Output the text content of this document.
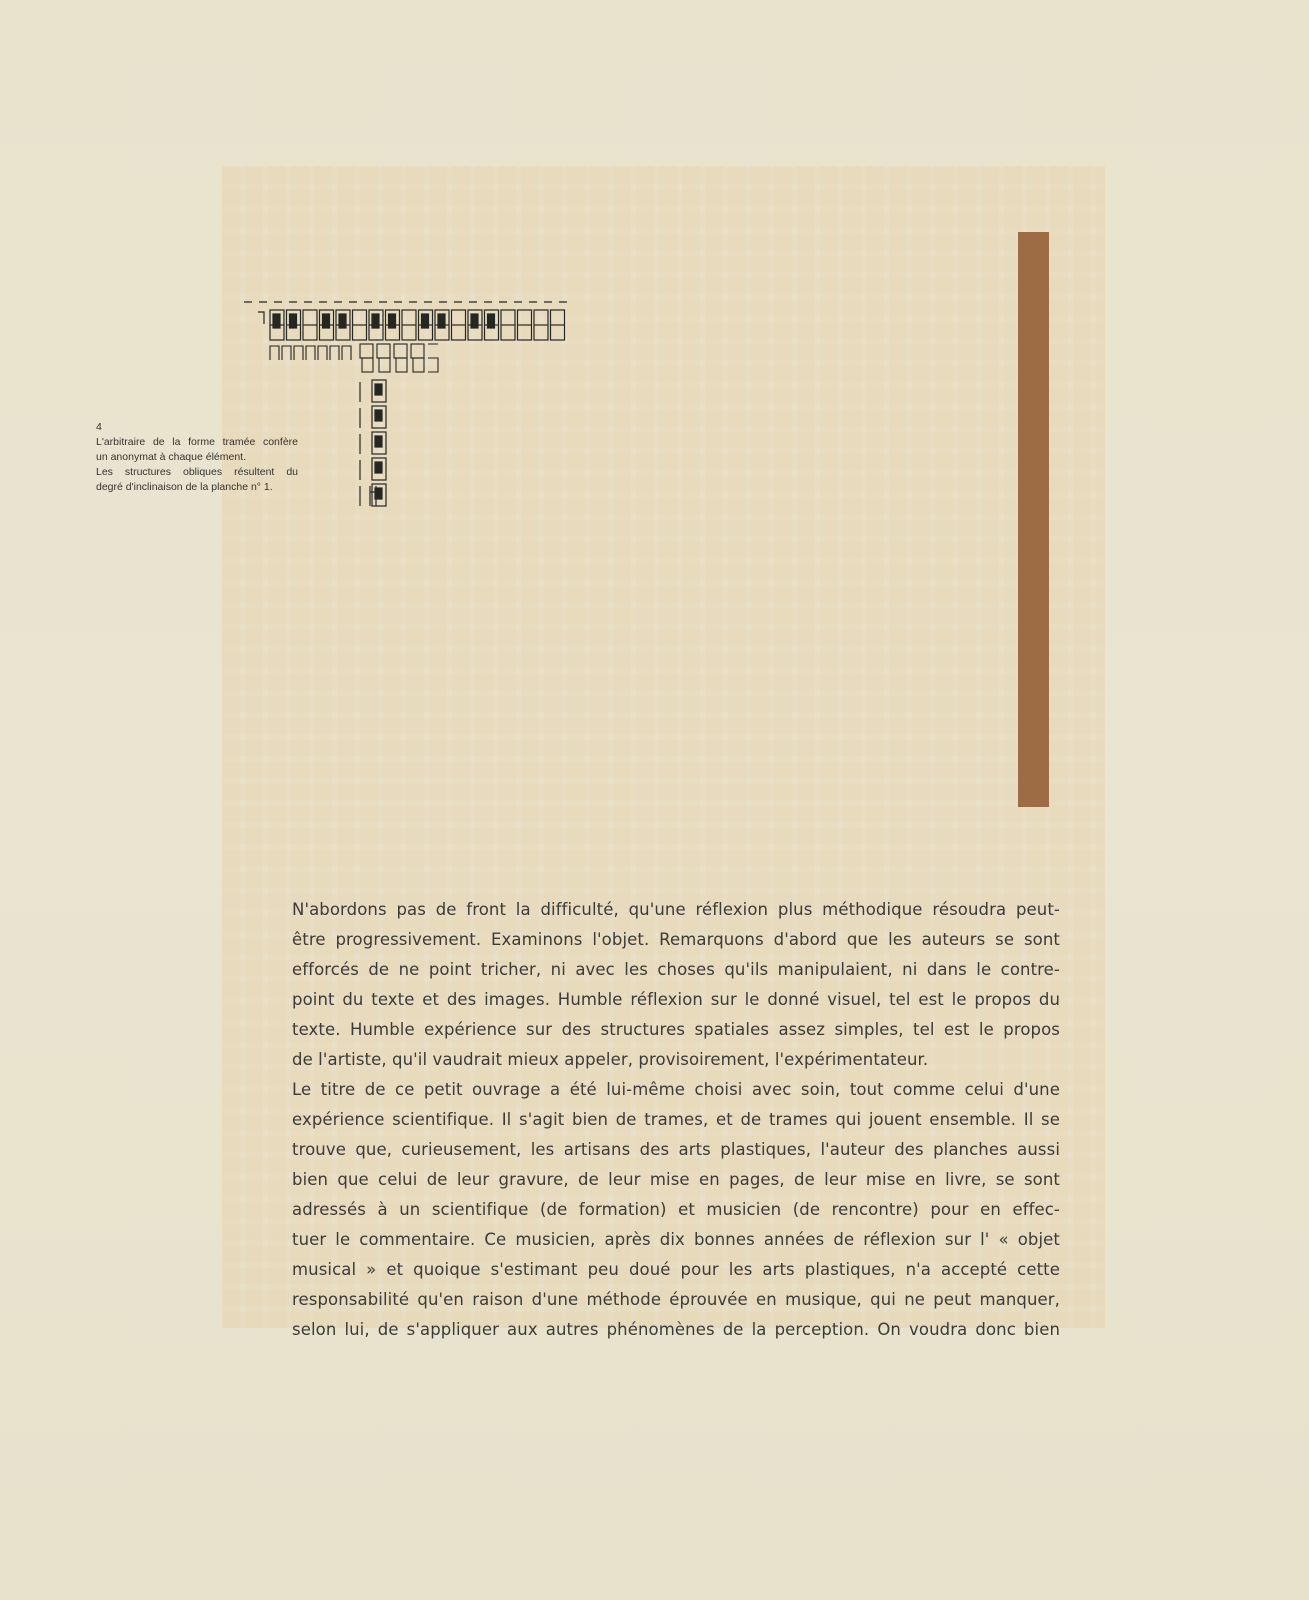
4
L'arbitraire de la forme tramée confère
un anonymat à chaque élément.
Les structures obliques résultent du
degré d'inclinaison de la planche n° 1.
N'abordons pas de front la difficulté, qu'une réflexion plus méthodique résoudra peut-
être progressivement. Examinons l'objet. Remarquons d'abord que les auteurs se sont
efforcés de ne point tricher, ni avec les choses qu'ils manipulaient, ni dans le contre-
point du texte et des images. Humble réflexion sur le donné visuel, tel est le propos du
texte. Humble expérience sur des structures spatiales assez simples, tel est le propos
de l'artiste, qu'il vaudrait mieux appeler, provisoirement, l'expérimentateur.
Le titre de ce petit ouvrage a été lui-même choisi avec soin, tout comme celui d'une
expérience scientifique. Il s'agit bien de trames, et de trames qui jouent ensemble. Il se
trouve que, curieusement, les artisans des arts plastiques, l'auteur des planches aussi
bien que celui de leur gravure, de leur mise en pages, de leur mise en livre, se sont
adressés à un scientifique (de formation) et musicien (de rencontre) pour en effec-
tuer le commentaire. Ce musicien, après dix bonnes années de réflexion sur l' « objet
musical » et quoique s'estimant peu doué pour les arts plastiques, n'a accepté cette
responsabilité qu'en raison d'une méthode éprouvée en musique, qui ne peut manquer,
selon lui, de s'appliquer aux autres phénomènes de la perception. On voudra donc bien
